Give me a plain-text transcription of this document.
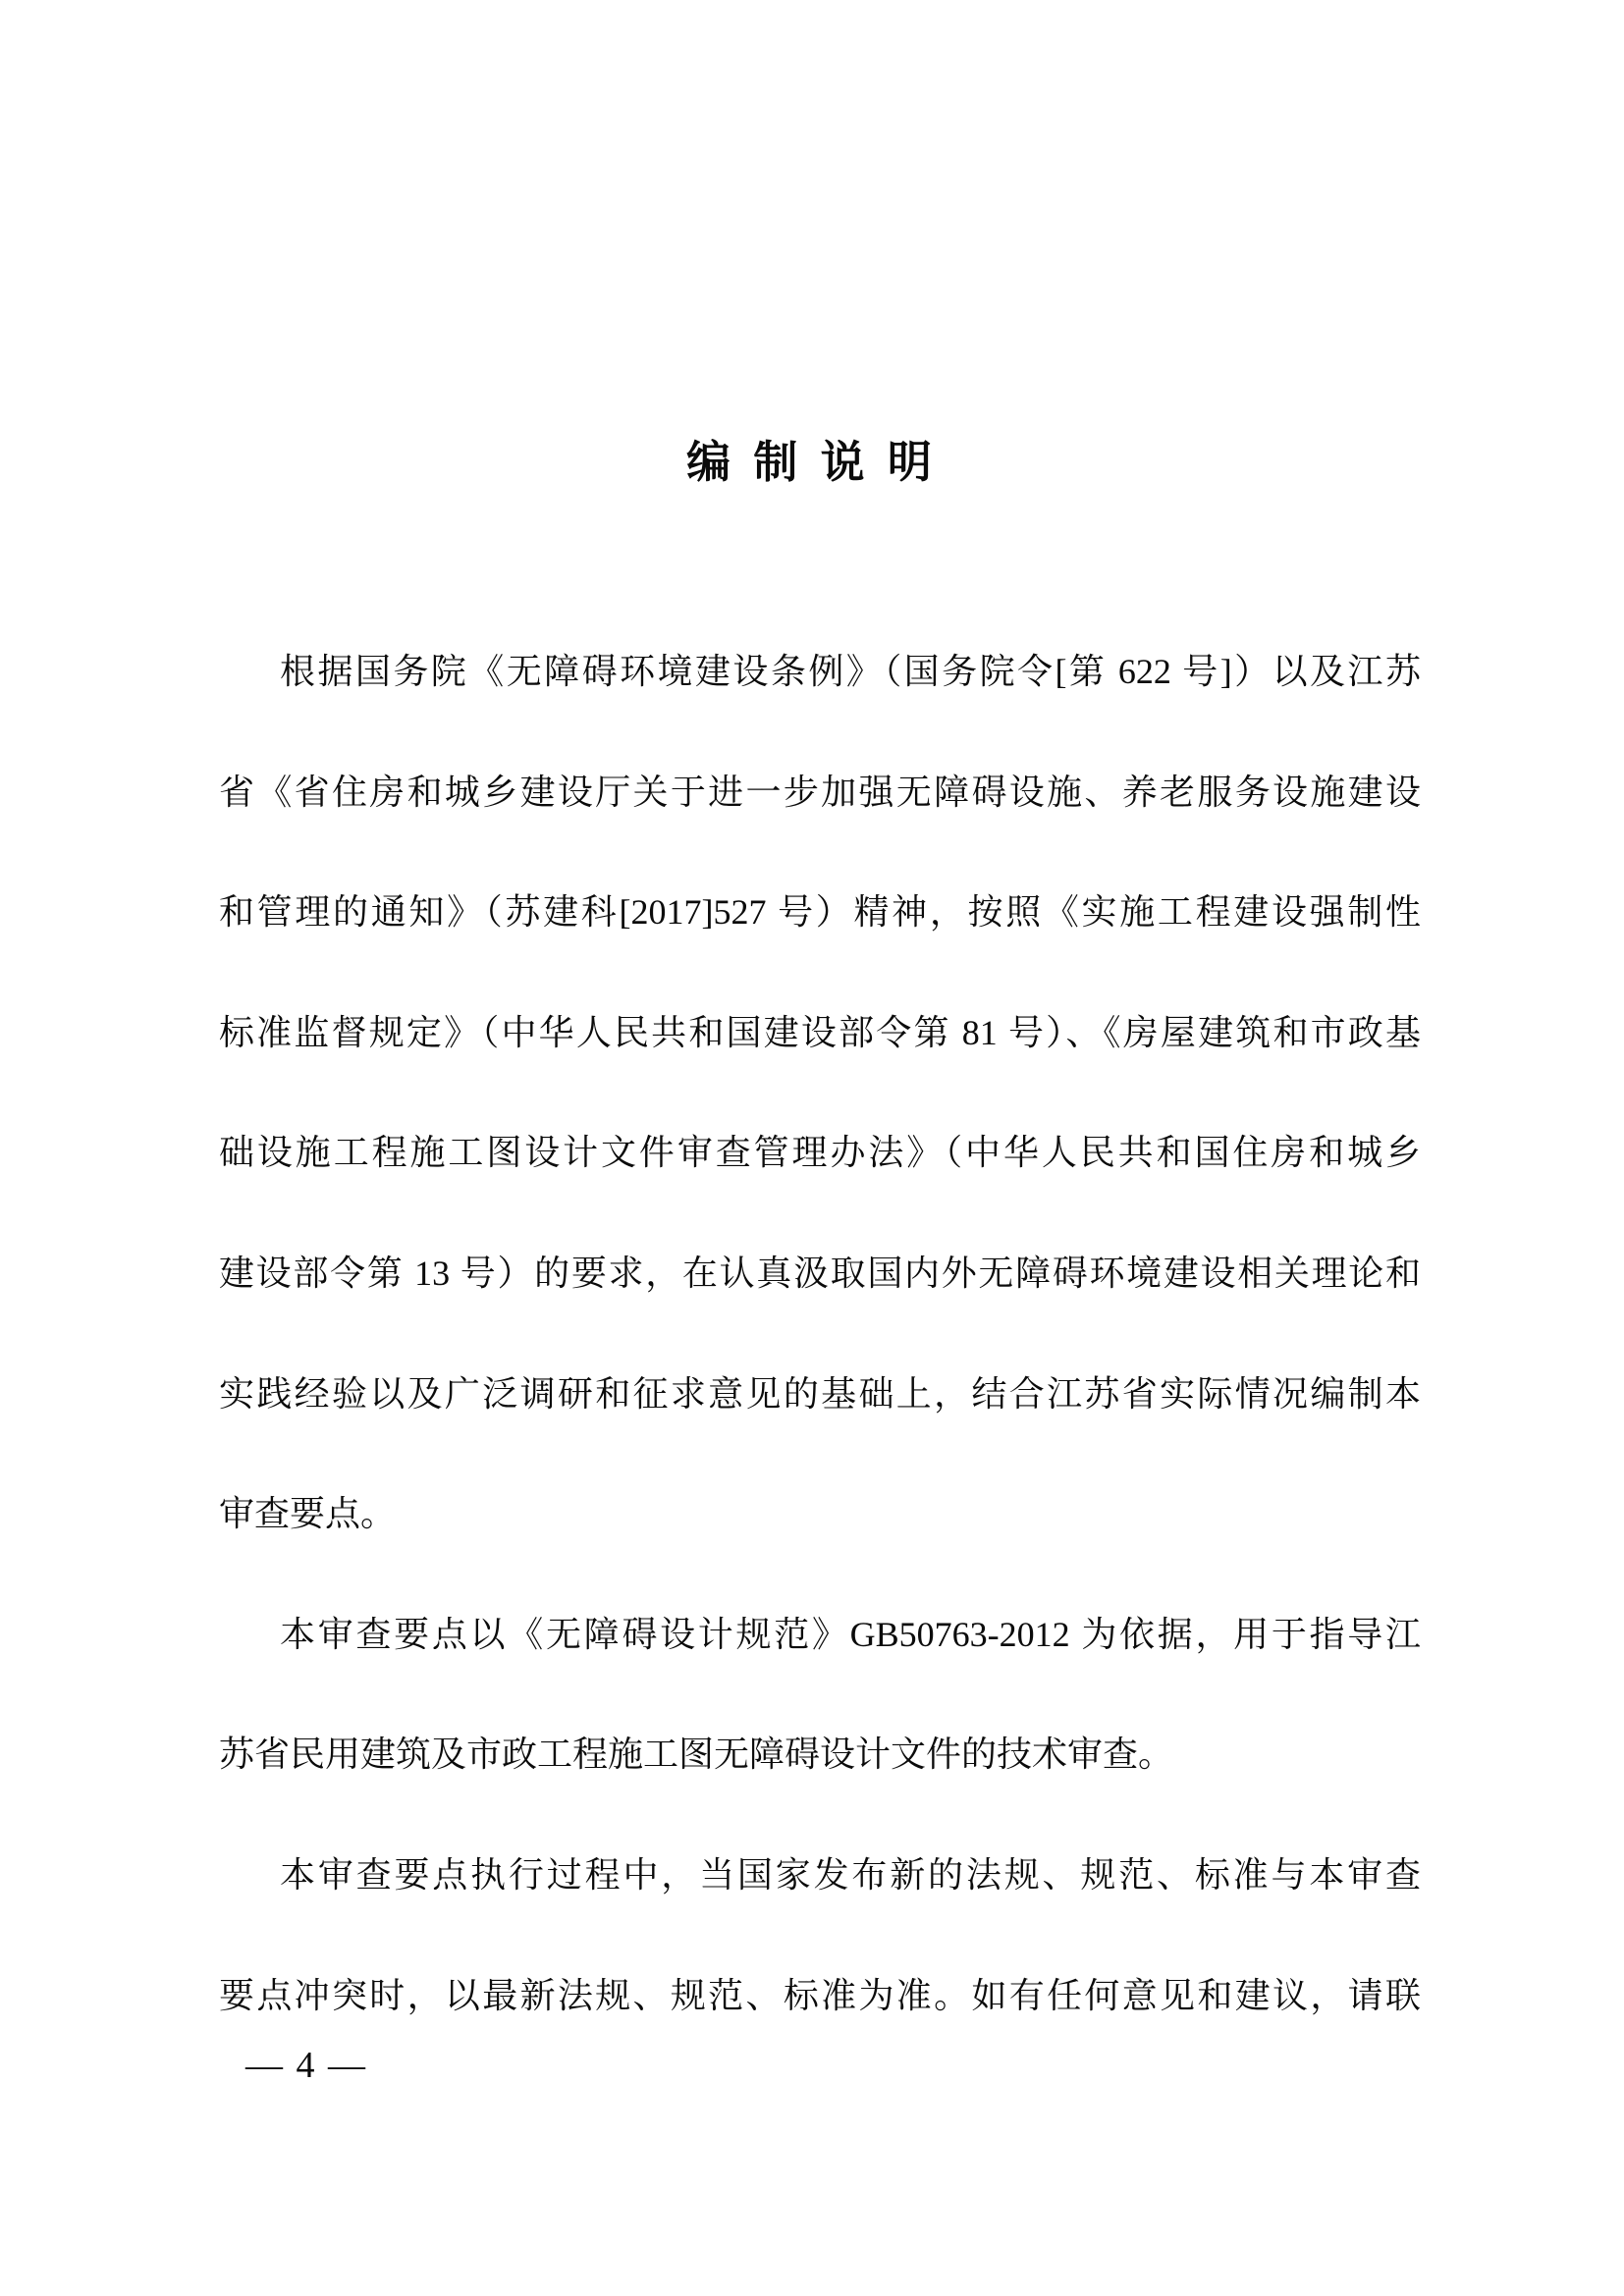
编 制 说 明
根据国务院《无障碍环境建设条例》（国务院令[第 622 号]）以及江苏
省《省住房和城乡建设厅关于进一步加强无障碍设施、养老服务设施建设
和管理的通知》（苏建科[2017]527 号）精神，按照《实施工程建设强制性
标准监督规定》（中华人民共和国建设部令第 81 号）、《房屋建筑和市政基
础设施工程施工图设计文件审查管理办法》（中华人民共和国住房和城乡
建设部令第 13 号）的要求，在认真汲取国内外无障碍环境建设相关理论和
实践经验以及广泛调研和征求意见的基础上，结合江苏省实际情况编制本
审查要点。
本审查要点以《无障碍设计规范》GB50763-2012 为依据，用于指导江
苏省民用建筑及市政工程施工图无障碍设计文件的技术审查。
本审查要点执行过程中，当国家发布新的法规、规范、标准与本审查
要点冲突时，以最新法规、规范、标准为准。如有任何意见和建议，请联
— 4 —
